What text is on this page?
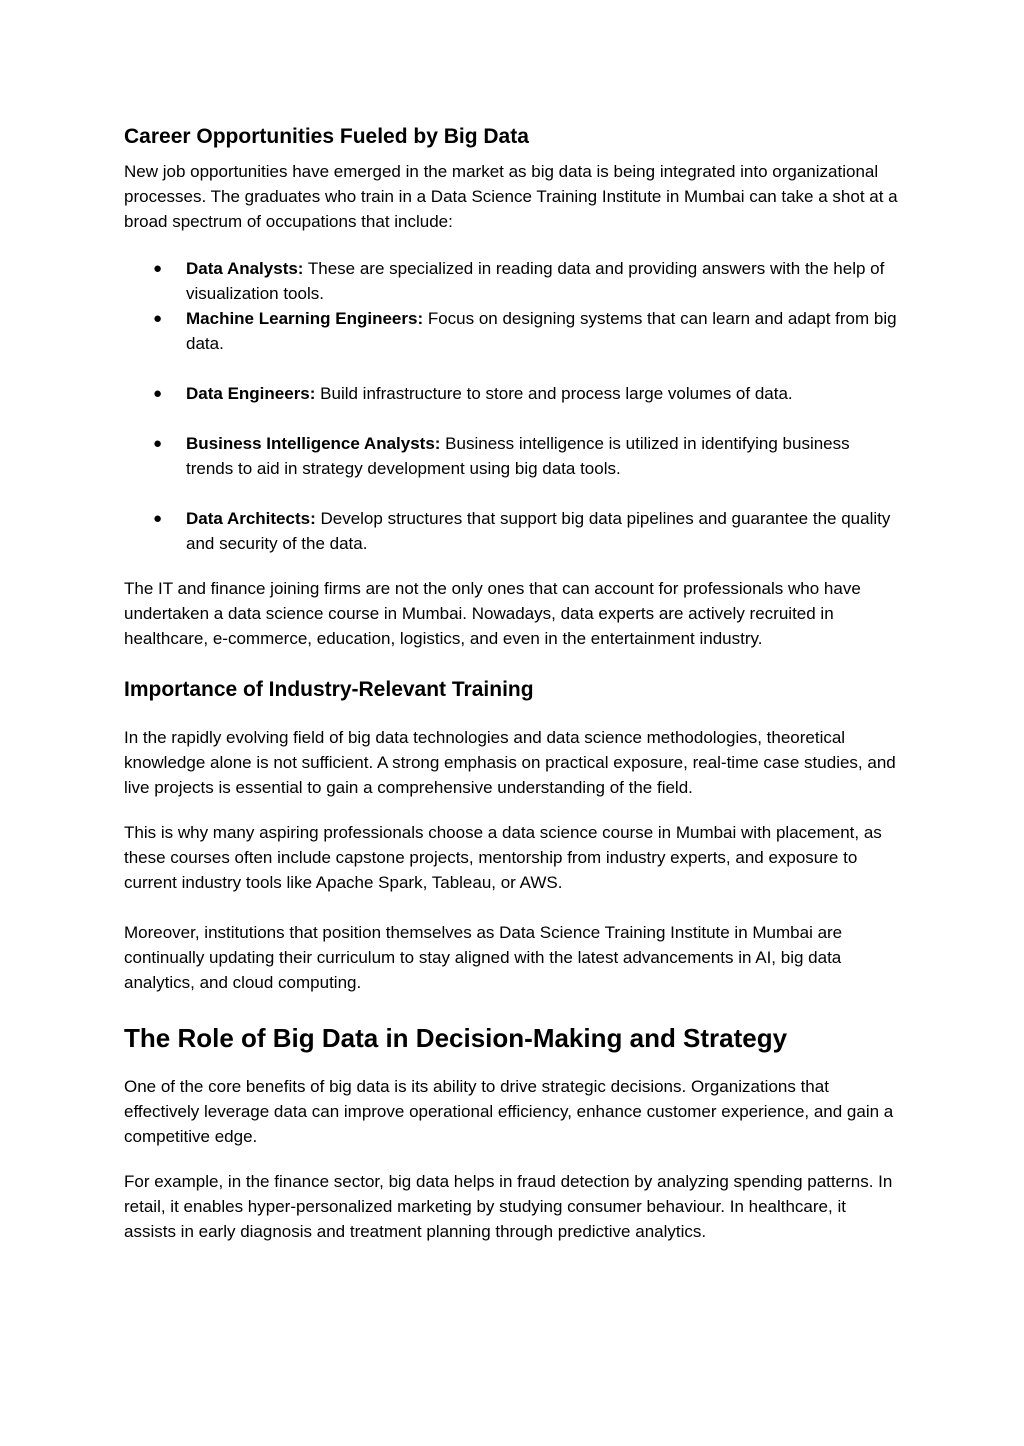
Career Opportunities Fueled by Big Data

New job opportunities have emerged in the market as big data is being integrated into organizational processes. The graduates who train in a Data Science Training Institute in Mumbai can take a shot at a broad spectrum of occupations that include:

● Data Analysts: These are specialized in reading data and providing answers with the help of visualization tools.
● Machine Learning Engineers: Focus on designing systems that can learn and adapt from big data.
● Data Engineers: Build infrastructure to store and process large volumes of data.
● Business Intelligence Analysts: Business intelligence is utilized in identifying business trends to aid in strategy development using big data tools.
● Data Architects: Develop structures that support big data pipelines and guarantee the quality and security of the data.

The IT and finance joining firms are not the only ones that can account for professionals who have undertaken a data science course in Mumbai. Nowadays, data experts are actively recruited in healthcare, e-commerce, education, logistics, and even in the entertainment industry.

Importance of Industry-Relevant Training

In the rapidly evolving field of big data technologies and data science methodologies, theoretical knowledge alone is not sufficient. A strong emphasis on practical exposure, real-time case studies, and live projects is essential to gain a comprehensive understanding of the field.

This is why many aspiring professionals choose a data science course in Mumbai with placement, as these courses often include capstone projects, mentorship from industry experts, and exposure to current industry tools like Apache Spark, Tableau, or AWS.

Moreover, institutions that position themselves as Data Science Training Institute in Mumbai are continually updating their curriculum to stay aligned with the latest advancements in AI, big data analytics, and cloud computing.

The Role of Big Data in Decision-Making and Strategy

One of the core benefits of big data is its ability to drive strategic decisions. Organizations that effectively leverage data can improve operational efficiency, enhance customer experience, and gain a competitive edge.

For example, in the finance sector, big data helps in fraud detection by analyzing spending patterns. In retail, it enables hyper-personalized marketing by studying consumer behaviour. In healthcare, it assists in early diagnosis and treatment planning through predictive analytics.
